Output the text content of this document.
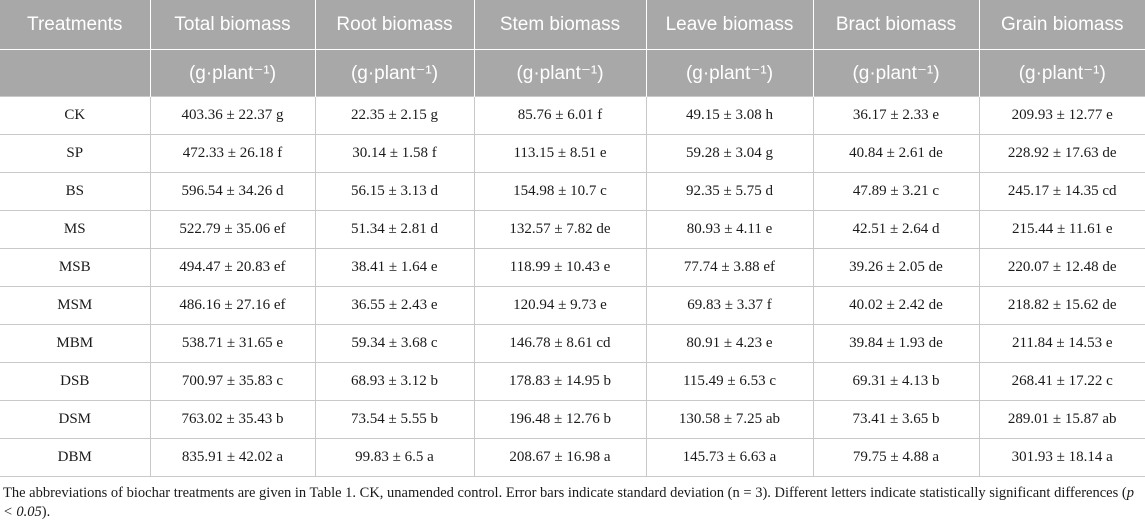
Treatments	Total biomass	Root biomass	Stem biomass	Leave biomass	Bract biomass	Grain biomass
	(g·plant⁻¹)	(g·plant⁻¹)	(g·plant⁻¹)	(g·plant⁻¹)	(g·plant⁻¹)	(g·plant⁻¹)
CK	403.36 ± 22.37 g	22.35 ± 2.15 g	85.76 ± 6.01 f	49.15 ± 3.08 h	36.17 ± 2.33 e	209.93 ± 12.77 e
SP	472.33 ± 26.18 f	30.14 ± 1.58 f	113.15 ± 8.51 e	59.28 ± 3.04 g	40.84 ± 2.61 de	228.92 ± 17.63 de
BS	596.54 ± 34.26 d	56.15 ± 3.13 d	154.98 ± 10.7 c	92.35 ± 5.75 d	47.89 ± 3.21 c	245.17 ± 14.35 cd
MS	522.79 ± 35.06 ef	51.34 ± 2.81 d	132.57 ± 7.82 de	80.93 ± 4.11 e	42.51 ± 2.64 d	215.44 ± 11.61 e
MSB	494.47 ± 20.83 ef	38.41 ± 1.64 e	118.99 ± 10.43 e	77.74 ± 3.88 ef	39.26 ± 2.05 de	220.07 ± 12.48 de
MSM	486.16 ± 27.16 ef	36.55 ± 2.43 e	120.94 ± 9.73 e	69.83 ± 3.37 f	40.02 ± 2.42 de	218.82 ± 15.62 de
MBM	538.71 ± 31.65 e	59.34 ± 3.68 c	146.78 ± 8.61 cd	80.91 ± 4.23 e	39.84 ± 1.93 de	211.84 ± 14.53 e
DSB	700.97 ± 35.83 c	68.93 ± 3.12 b	178.83 ± 14.95 b	115.49 ± 6.53 c	69.31 ± 4.13 b	268.41 ± 17.22 c
DSM	763.02 ± 35.43 b	73.54 ± 5.55 b	196.48 ± 12.76 b	130.58 ± 7.25 ab	73.41 ± 3.65 b	289.01 ± 15.87 ab
DBM	835.91 ± 42.02 a	99.83 ± 6.5 a	208.67 ± 16.98 a	145.73 ± 6.63 a	79.75 ± 4.88 a	301.93 ± 18.14 a
The abbreviations of biochar treatments are given in Table 1. CK, unamended control. Error bars indicate standard deviation (n = 3). Different letters indicate statistically significant differences (p < 0.05).
